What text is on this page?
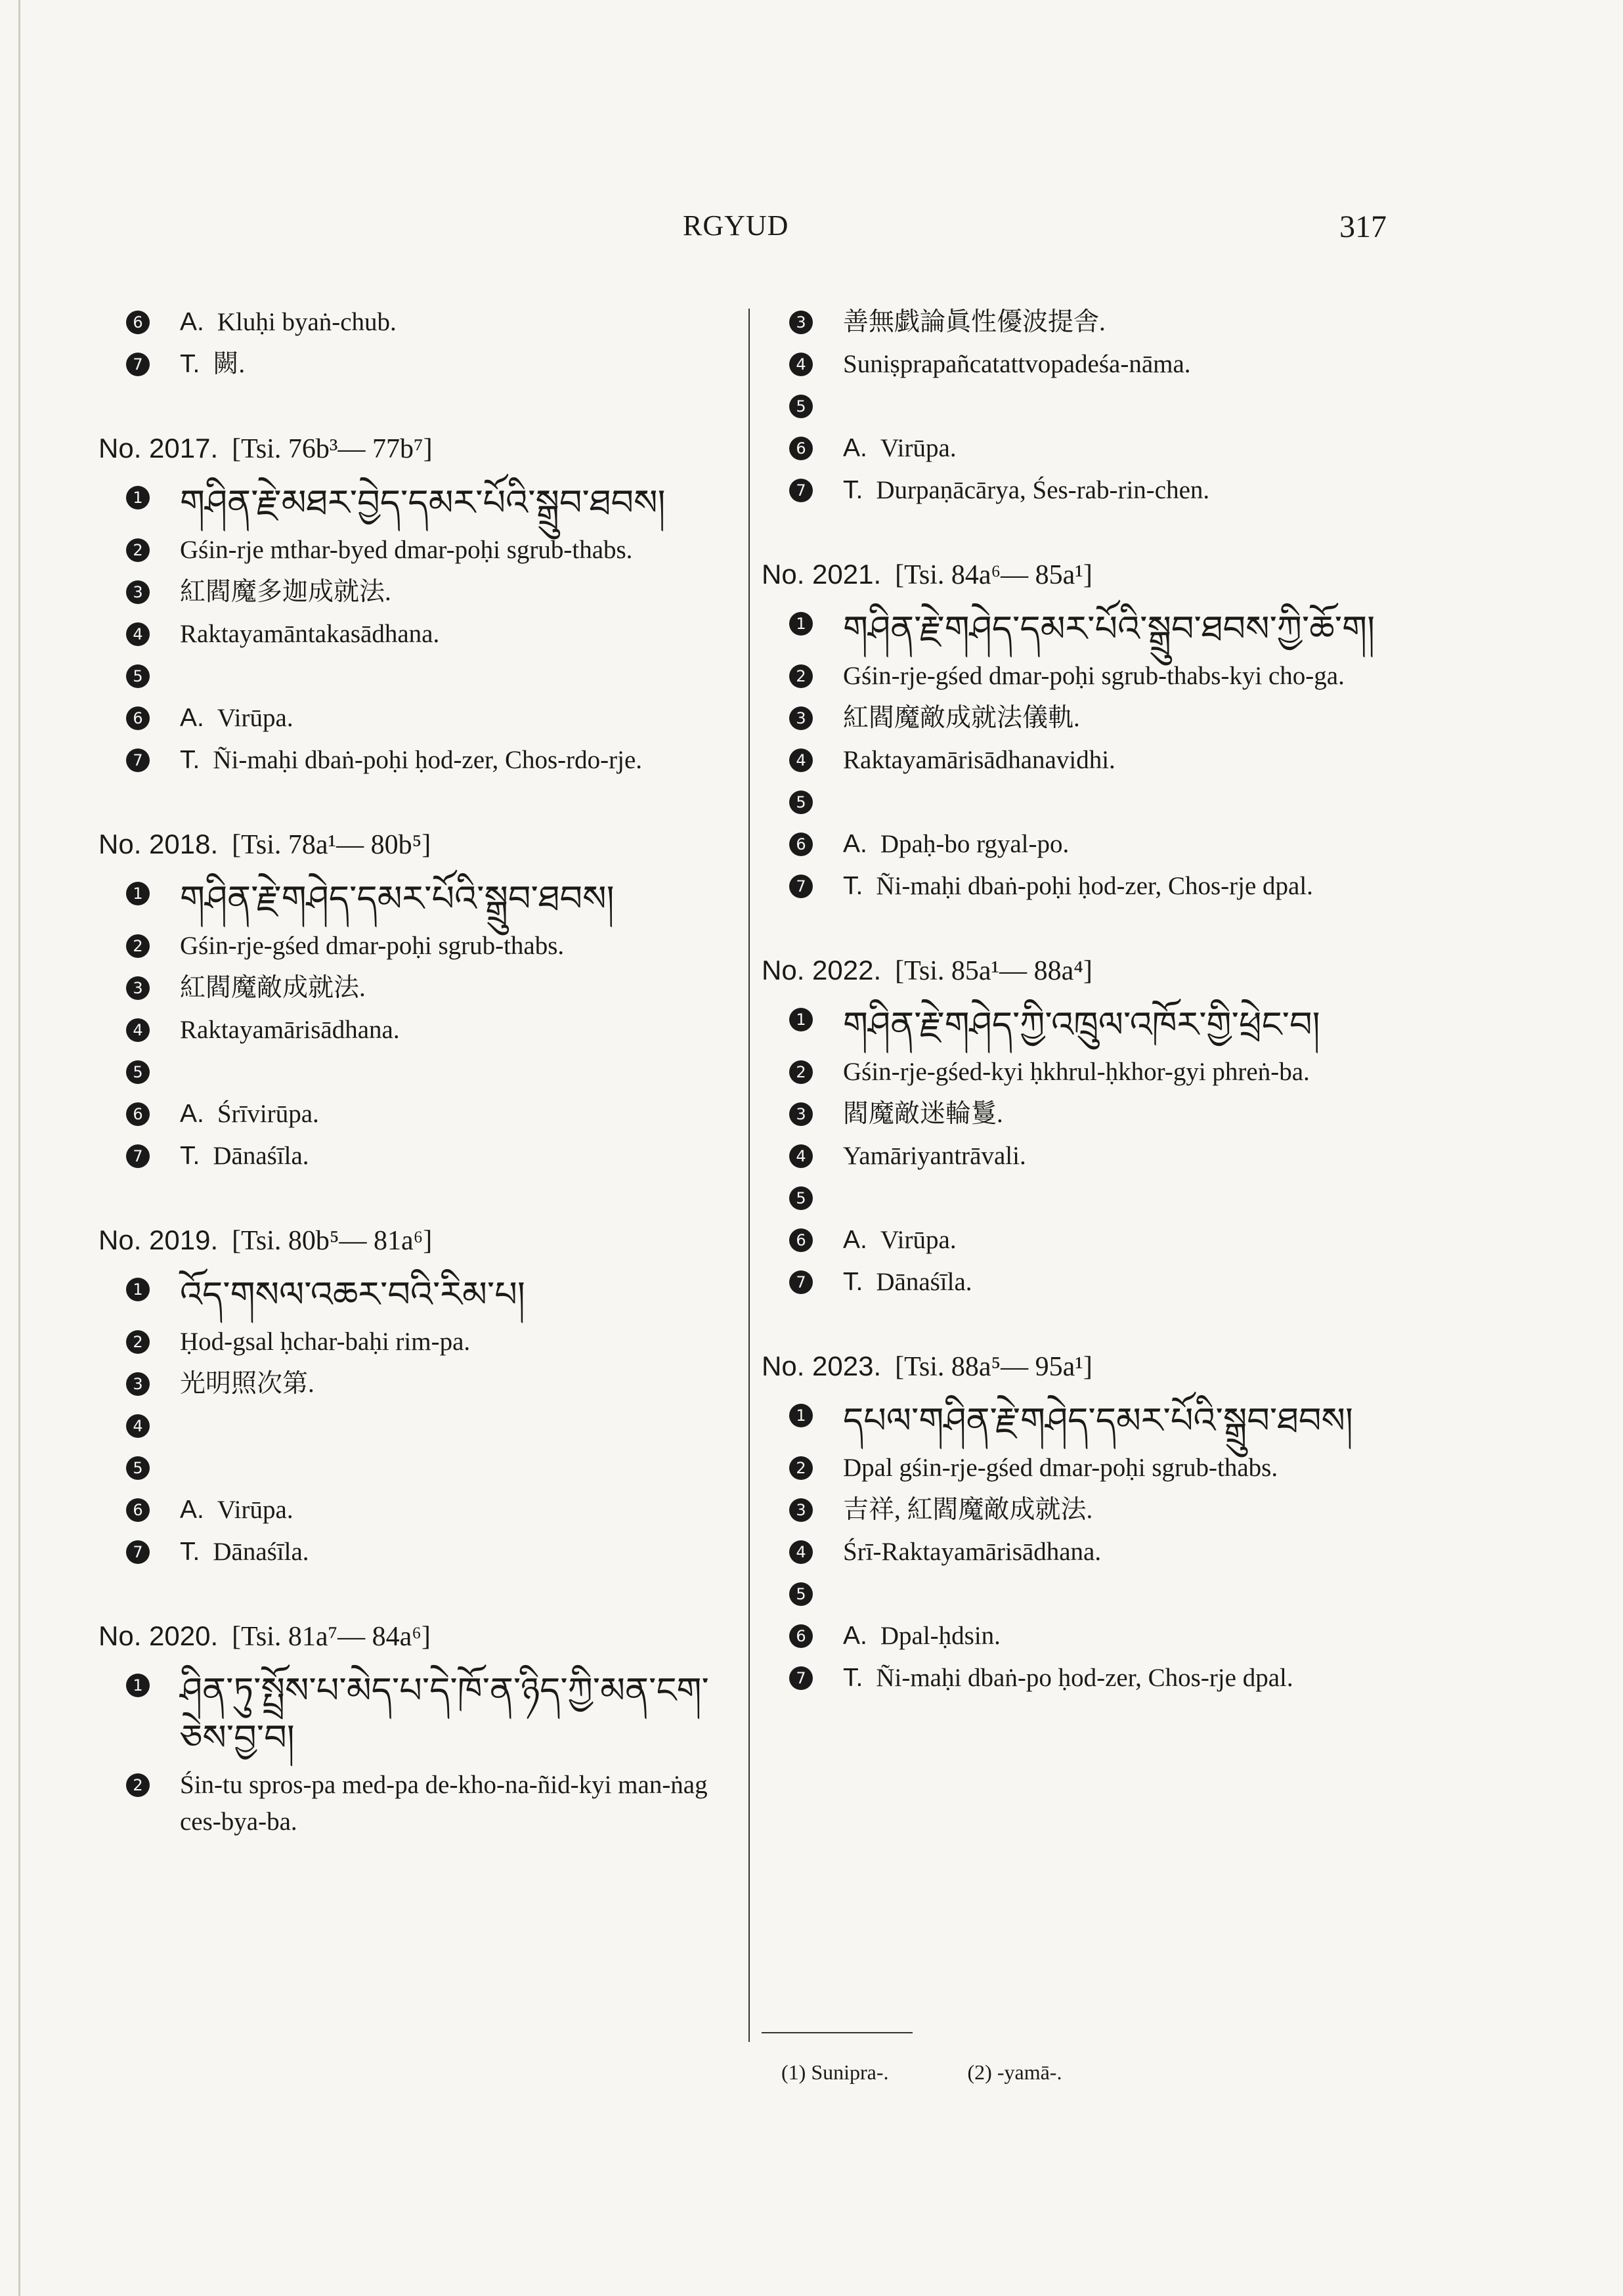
RGYUD	317
6 A. Kluḥi byaṅ-chub.
7 T. 闕.
No. 2017. [Tsi. 76b³— 77b⁷]
1 གཤིན་རྗེ་མཐར་བྱེད་དམར་པོའི་སྒྲུབ་ཐབས།
2 Gśin-rje mthar-byed dmar-poḥi sgrub-thabs.
3 紅閻魔多迦成就法.
4 Raktayamāntakasādhana.
5
6 A. Virūpa.
7 T. Ñi-maḥi dbaṅ-poḥi ḥod-zer, Chos-rdo-rje.
No. 2018. [Tsi. 78a¹— 80b⁵]
1 གཤིན་རྗེ་གཤེད་དམར་པོའི་སྒྲུབ་ཐབས།
2 Gśin-rje-gśed dmar-poḥi sgrub-thabs.
3 紅閻魔敵成就法.
4 Raktayamārisādhana.
5
6 A. Śrīvirūpa.
7 T. Dānaśīla.
No. 2019. [Tsi. 80b⁵— 81a⁶]
1 འོད་གསལ་འཆར་བའི་རིམ་པ།
2 Ḥod-gsal ḥchar-baḥi rim-pa.
3 光明照次第.
4
5
6 A. Virūpa.
7 T. Dānaśīla.
No. 2020. [Tsi. 81a⁷— 84a⁶]
1 ཤིན་ཏུ་སྤྲོས་པ་མེད་པ་དེ་ཁོ་ན་ཉིད་ཀྱི་མན་ངག་ཅེས་བྱ་བ།
2 Śin-tu spros-pa med-pa de-kho-na-ñid-kyi man-ṅag ces-bya-ba.
3 善無戯論眞性優波提舎.
4 Suniṣprapañcatattvopadeśa-nāma.
5
6 A. Virūpa.
7 T. Durpaṇācārya, Śes-rab-rin-chen.
No. 2021. [Tsi. 84a⁶— 85a¹]
1 གཤིན་རྗེ་གཤེད་དམར་པོའི་སྒྲུབ་ཐབས་ཀྱི་ཆོ་ག།
2 Gśin-rje-gśed dmar-poḥi sgrub-thabs-kyi cho-ga.
3 紅閻魔敵成就法儀軌.
4 Raktayamārisādhanavidhi.
5
6 A. Dpaḥ-bo rgyal-po.
7 T. Ñi-maḥi dbaṅ-poḥi ḥod-zer, Chos-rje dpal.
No. 2022. [Tsi. 85a¹— 88a⁴]
1 གཤིན་རྗེ་གཤེད་ཀྱི་འཁྲུལ་འཁོར་གྱི་ཕྲེང་བ།
2 Gśin-rje-gśed-kyi ḥkhrul-ḥkhor-gyi phreṅ-ba.
3 閻魔敵迷輪鬘.
4 Yamāriyantrāvali.
5
6 A. Virūpa.
7 T. Dānaśīla.
No. 2023. [Tsi. 88a⁵— 95a¹]
1 དཔལ་གཤིན་རྗེ་གཤེད་དམར་པོའི་སྒྲུབ་ཐབས།
2 Dpal gśin-rje-gśed dmar-poḥi sgrub-thabs.
3 吉祥, 紅閻魔敵成就法.
4 Śrī-Raktayamārisādhana.
5
6 A. Dpal-ḥdsin.
7 T. Ñi-maḥi dbaṅ-po ḥod-zer, Chos-rje dpal.
(1) Sunipra-.	(2) -yamā-.
